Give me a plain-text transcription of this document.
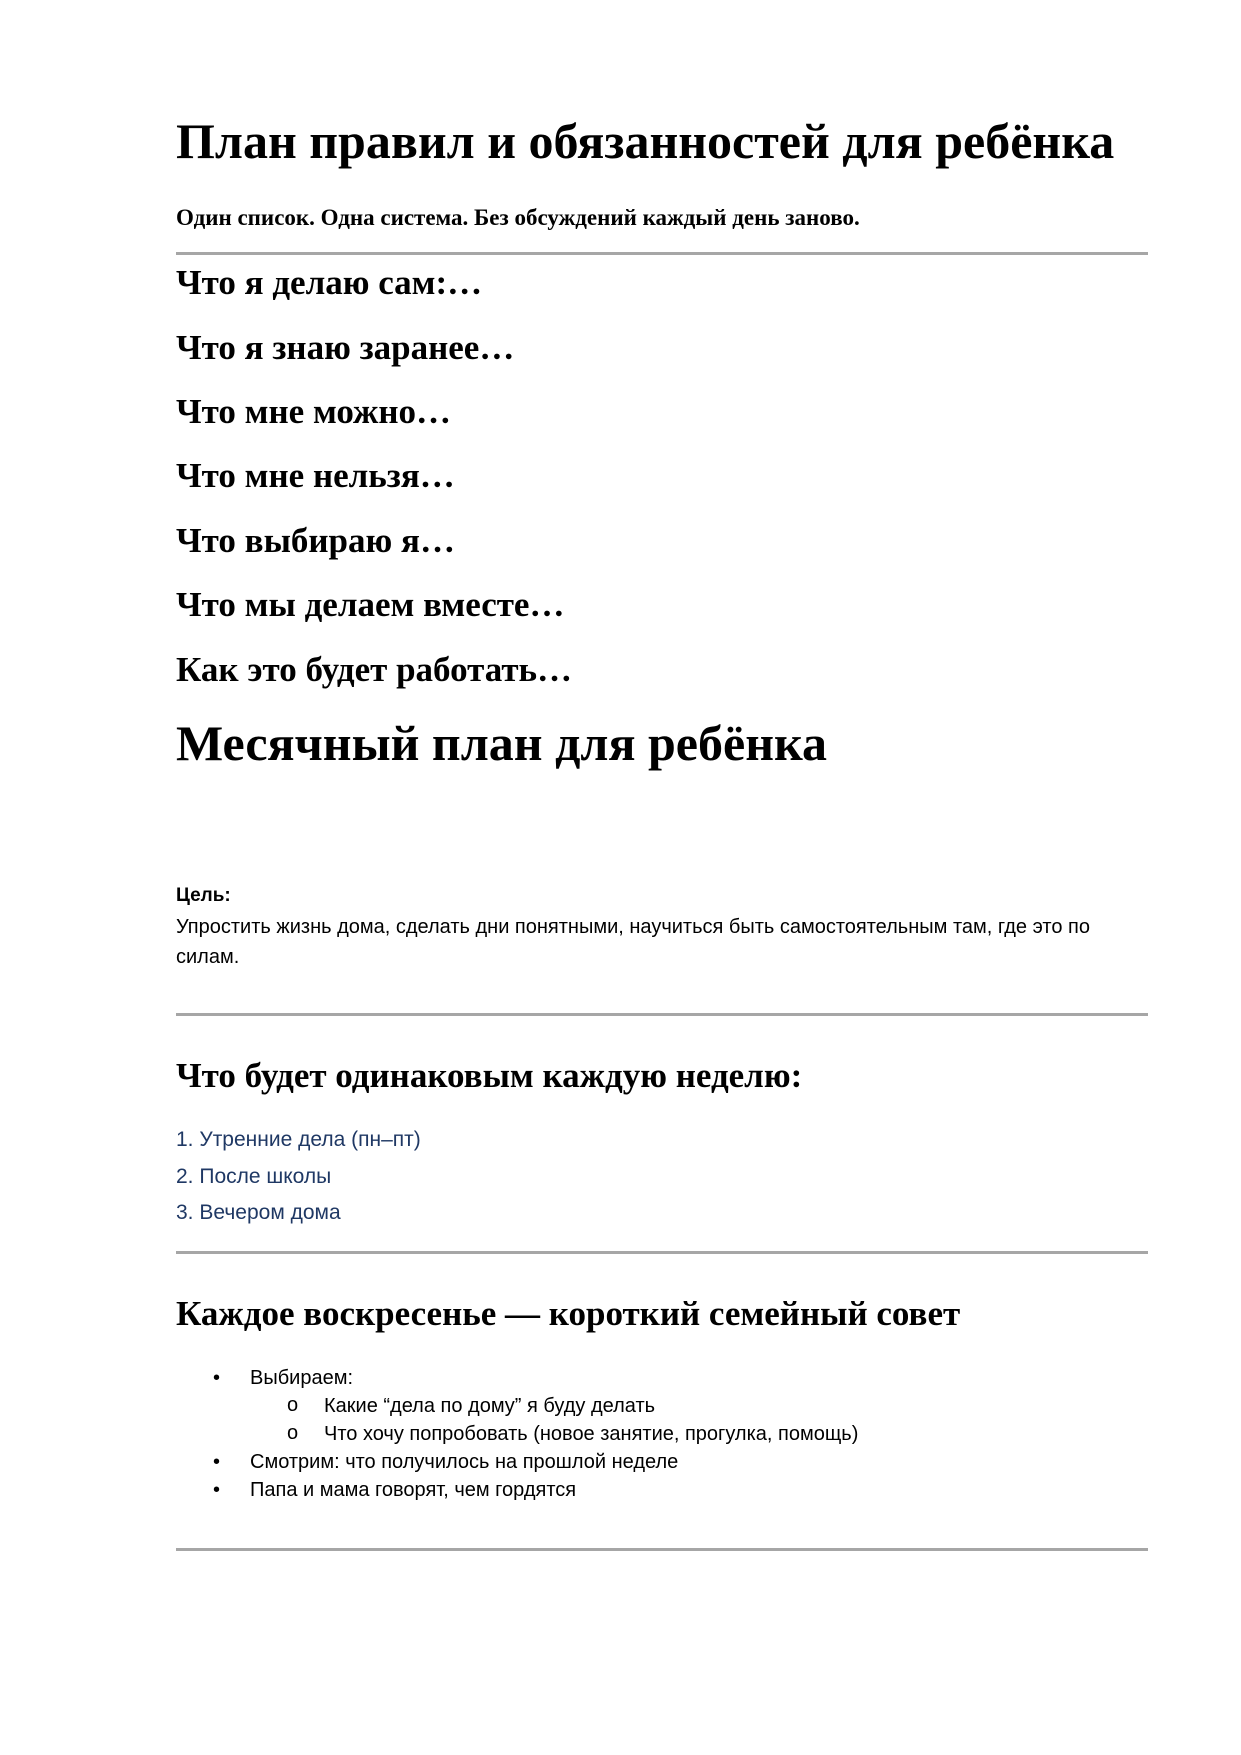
План правил и обязанностей для ребёнка

Один список. Одна система. Без обсуждений каждый день заново.

Что я делаю сам:…
Что я знаю заранее…
Что мне можно…
Что мне нельзя…
Что выбираю я…
Что мы делаем вместе…
Как это будет работать…
Месячный план для ребёнка
Цель:
Упростить жизнь дома, сделать дни понятными, научиться быть самостоятельным там, где это по силам.
Что будет одинаковым каждую неделю:
1. Утренние дела (пн–пт)
2. После школы
3. Вечером дома
Каждое воскресенье — короткий семейный совет
• Выбираем:
o Какие “дела по дому” я буду делать
o Что хочу попробовать (новое занятие, прогулка, помощь)
• Смотрим: что получилось на прошлой неделе
• Папа и мама говорят, чем гордятся
